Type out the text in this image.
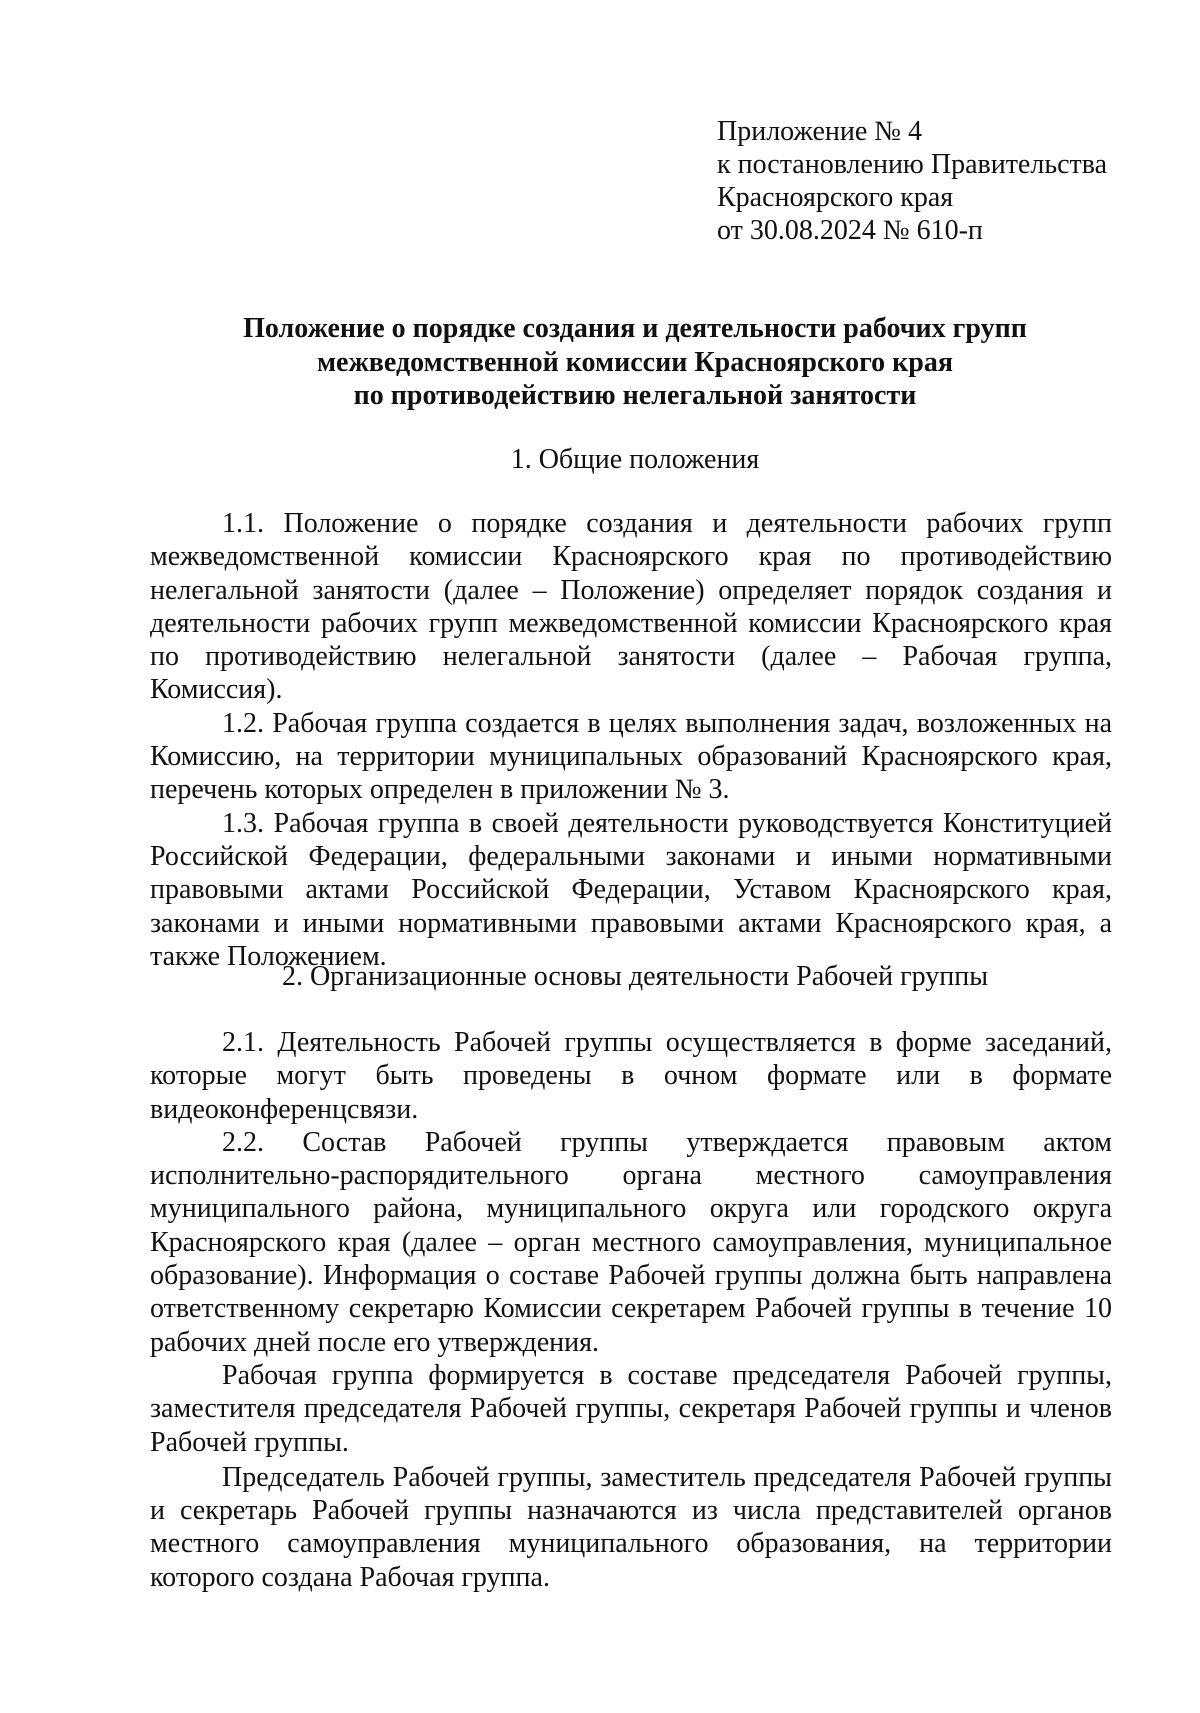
Приложение № 4
к постановлению Правительства
Красноярского края
от 30.08.2024 № 610-п
Положение о порядке создания и деятельности рабочих групп
межведомственной комиссии Красноярского края
по противодействию нелегальной занятости
1. Общие положения

1.1. Положение о порядке создания и деятельности рабочих групп межведомственной комиссии Красноярского края по противодействию нелегальной занятости (далее – Положение) определяет порядок создания и деятельности рабочих групп межведомственной комиссии Красноярского края по противодействию нелегальной занятости (далее – Рабочая группа, Комиссия).

1.2. Рабочая группа создается в целях выполнения задач, возложенных на Комиссию, на территории муниципальных образований Красноярского края, перечень которых определен в приложении № 3.

1.3. Рабочая группа в своей деятельности руководствуется Конституцией Российской Федерации, федеральными законами и иными нормативными правовыми актами Российской Федерации, Уставом Красноярского края, законами и иными нормативными правовыми актами Красноярского края, а также Положением.

2. Организационные основы деятельности Рабочей группы

2.1. Деятельность Рабочей группы осуществляется в форме заседаний, которые могут быть проведены в очном формате или в формате видеоконференцсвязи.

2.2. Состав Рабочей группы утверждается правовым актом исполнительно-распорядительного органа местного самоуправления муниципального района, муниципального округа или городского округа Красноярского края (далее – орган местного самоуправления, муниципальное образование). Информация о составе Рабочей группы должна быть направлена ответственному секретарю Комиссии секретарем Рабочей группы в течение 10 рабочих дней после его утверждения.

Рабочая группа формируется в составе председателя Рабочей группы, заместителя председателя Рабочей группы, секретаря Рабочей группы и членов Рабочей группы.

Председатель Рабочей группы, заместитель председателя Рабочей группы и секретарь Рабочей группы назначаются из числа представителей органов местного самоуправления муниципального образования, на территории которого создана Рабочая группа.
